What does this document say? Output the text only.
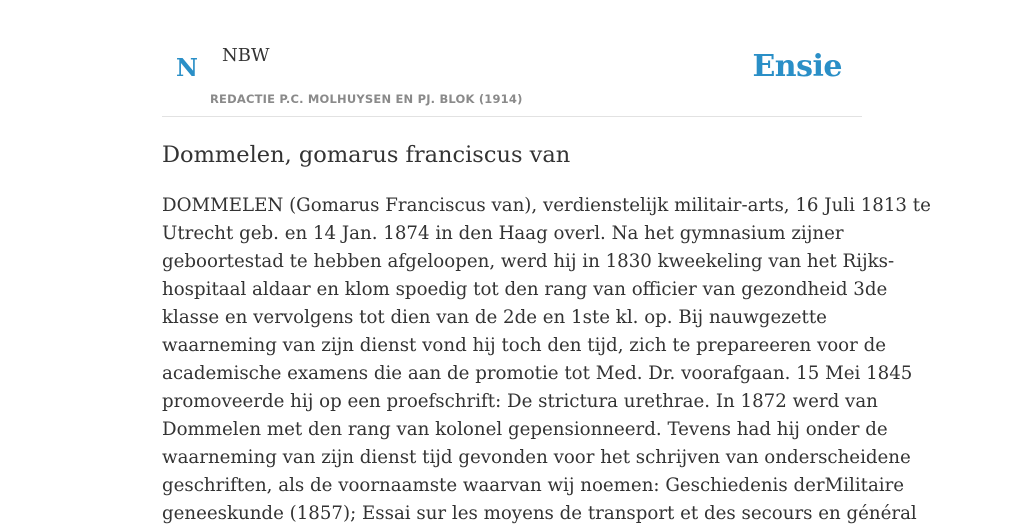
N NBW
REDACTIE P.C. MOLHUYSEN EN PJ. BLOK (1914)
Ensie
Dommelen, gomarus franciscus van
DOMMELEN (Gomarus Franciscus van), verdienstelijk militair-arts, 16 Juli 1813 te
Utrecht geb. en 14 Jan. 1874 in den Haag overl. Na het gymnasium zijner
geboortestad te hebben afgeloopen, werd hij in 1830 kweekeling van het Rijks-
hospitaal aldaar en klom spoedig tot den rang van officier van gezondheid 3de
klasse en vervolgens tot dien van de 2de en 1ste kl. op. Bij nauwgezette
waarneming van zijn dienst vond hij toch den tijd, zich te prepareeren voor de
academische examens die aan de promotie tot Med. Dr. voorafgaan. 15 Mei 1845
promoveerde hij op een proefschrift: De strictura urethrae. In 1872 werd van
Dommelen met den rang van kolonel gepensionneerd. Tevens had hij onder de
waarneming van zijn dienst tijd gevonden voor het schrijven van onderscheidene
geschriften, als de voornaamste waarvan wij noemen: Geschiedenis derMilitaire
geneeskunde (1857); Essai sur les moyens de transport et des secours en général
